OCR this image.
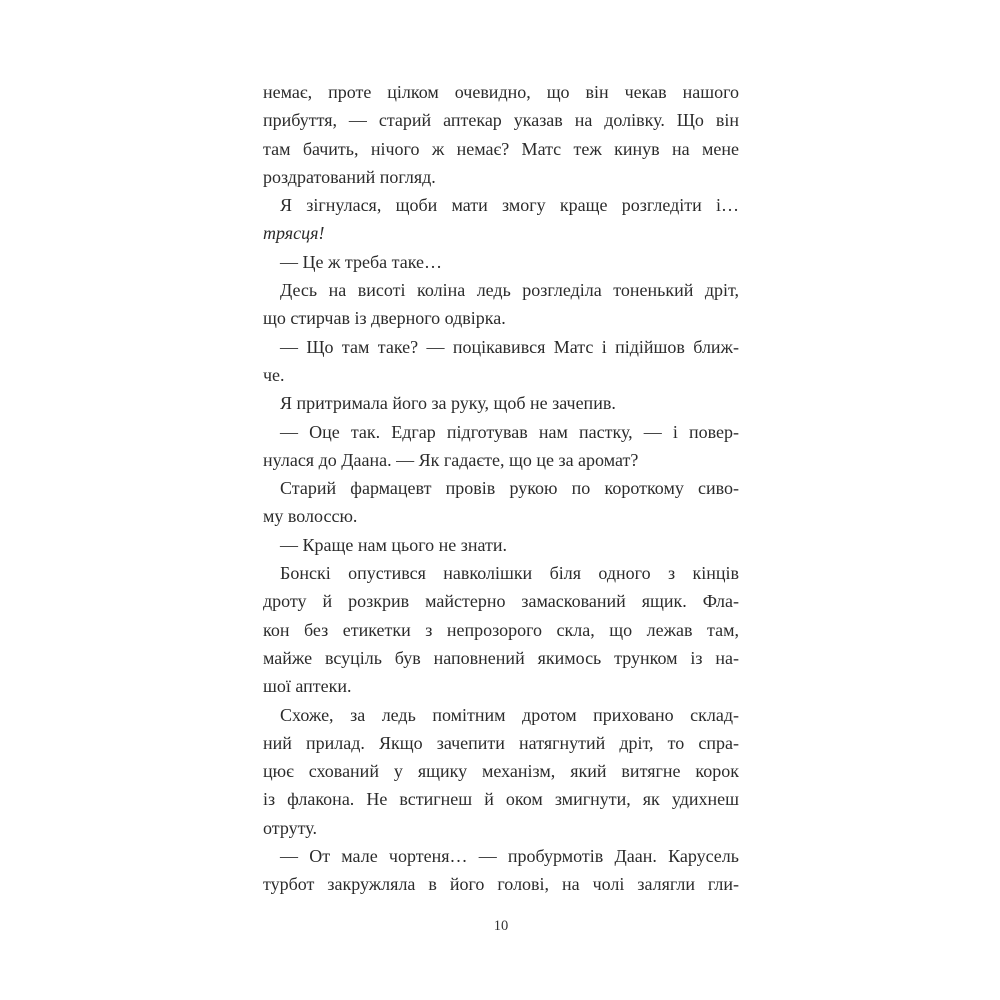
немає, проте цілком очевидно, що він чекав нашого
прибуття, — старий аптекар указав на долівку. Що він
там бачить, нічого ж немає? Матс теж кинув на мене
роздратований погляд.
Я зігнулася, щоби мати змогу краще розгледіти і…
трясця!
— Це ж треба таке…
Десь на висоті коліна ледь розгледіла тоненький дріт,
що стирчав із дверного одвірка.
— Що там таке? — поцікавився Матс і підійшов ближ-
че.
Я притримала його за руку, щоб не зачепив.
— Оце так. Едгар підготував нам пастку, — і повер-
нулася до Даана. — Як гадаєте, що це за аромат?
Старий фармацевт провів рукою по короткому сиво-
му волоссю.
— Краще нам цього не знати.
Бонскі опустився навколішки біля одного з кінців
дроту й розкрив майстерно замаскований ящик. Фла-
кон без етикетки з непрозорого скла, що лежав там,
майже всуціль був наповнений якимось трунком із на-
шої аптеки.
Схоже, за ледь помітним дротом приховано склад-
ний прилад. Якщо зачепити натягнутий дріт, то спра-
цює схований у ящику механізм, який витягне корок
із флакона. Не встигнеш й оком змигнути, як удихнеш
отруту.
— От мале чортеня… — пробурмотів Даан. Карусель
турбот закружляла в його голові, на чолі залягли гли-
10
